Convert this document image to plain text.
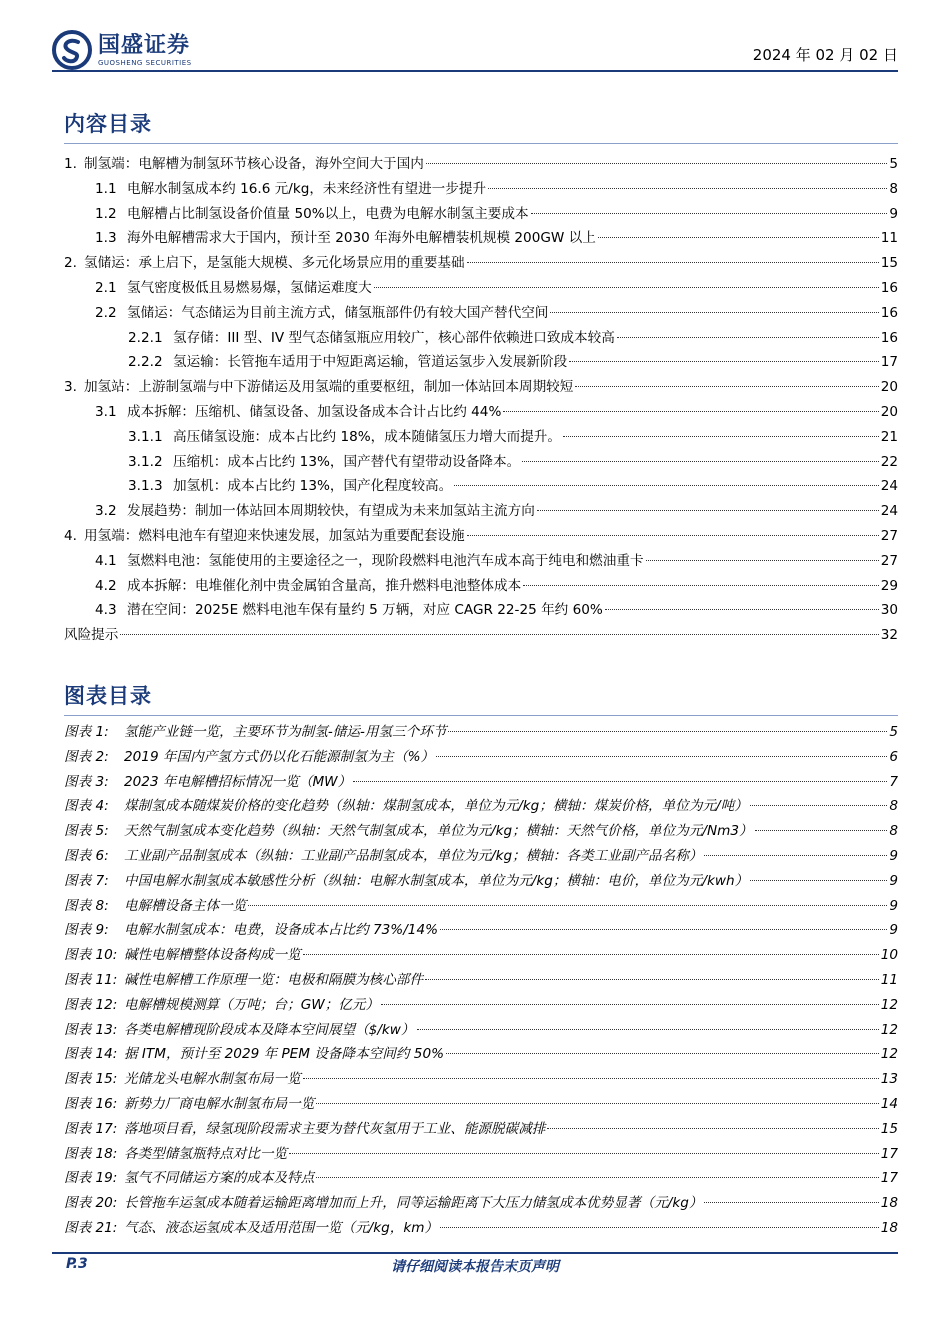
国盛证券
GUOSHENG SECURITIES	2024 年 02 月 02 日
内容目录
1. 制氢端：电解槽为制氢环节核心设备，海外空间大于国内	5
1.1 电解水制氢成本约 16.6 元/kg，未来经济性有望进一步提升	8
1.2 电解槽占比制氢设备价值量 50%以上，电费为电解水制氢主要成本	9
1.3 海外电解槽需求大于国内，预计至 2030 年海外电解槽装机规模 200GW 以上	11
2. 氢储运：承上启下，是氢能大规模、多元化场景应用的重要基础	15
2.1 氢气密度极低且易燃易爆，氢储运难度大	16
2.2 氢储运：气态储运为目前主流方式，储氢瓶部件仍有较大国产替代空间	16
2.2.1 氢存储：III 型、IV 型气态储氢瓶应用较广，核心部件依赖进口致成本较高	16
2.2.2 氢运输：长管拖车适用于中短距离运输，管道运氢步入发展新阶段	17
3. 加氢站：上游制氢端与中下游储运及用氢端的重要枢纽，制加一体站回本周期较短	20
3.1 成本拆解：压缩机、储氢设备、加氢设备成本合计占比约 44%	20
3.1.1 高压储氢设施：成本占比约 18%，成本随储氢压力增大而提升。	21
3.1.2 压缩机：成本占比约 13%，国产替代有望带动设备降本。	22
3.1.3 加氢机：成本占比约 13%，国产化程度较高。	24
3.2 发展趋势：制加一体站回本周期较快，有望成为未来加氢站主流方向	24
4. 用氢端：燃料电池车有望迎来快速发展，加氢站为重要配套设施	27
4.1 氢燃料电池：氢能使用的主要途径之一，现阶段燃料电池汽车成本高于纯电和燃油重卡	27
4.2 成本拆解：电堆催化剂中贵金属铂含量高，推升燃料电池整体成本	29
4.3 潜在空间：2025E 燃料电池车保有量约 5 万辆，对应 CAGR 22-25 年约 60%	30
风险提示	32
图表目录
图表 1:	氢能产业链一览，主要环节为制氢-储运-用氢三个环节	5
图表 2:	2019 年国内产氢方式仍以化石能源制氢为主（%）	6
图表 3:	2023 年电解槽招标情况一览（MW）	7
图表 4:	煤制氢成本随煤炭价格的变化趋势（纵轴：煤制氢成本，单位为元/kg；横轴：煤炭价格，单位为元/吨）	8
图表 5:	天然气制氢成本变化趋势（纵轴：天然气制氢成本，单位为元/kg；横轴：天然气价格，单位为元/Nm3）	8
图表 6:	工业副产品制氢成本（纵轴：工业副产品制氢成本，单位为元/kg；横轴：各类工业副产品名称）	9
图表 7:	中国电解水制氢成本敏感性分析（纵轴：电解水制氢成本，单位为元/kg；横轴：电价，单位为元/kwh）	9
图表 8:	电解槽设备主体一览	9
图表 9:	电解水制氢成本：电费，设备成本占比约 73%/14%	9
图表 10: 碱性电解槽整体设备构成一览	10
图表 11: 碱性电解槽工作原理一览：电极和隔膜为核心部件	11
图表 12: 电解槽规模测算（万吨；台；GW；亿元）	12
图表 13: 各类电解槽现阶段成本及降本空间展望（$/kw）	12
图表 14: 据 ITM，预计至 2029 年 PEM 设备降本空间约 50%	12
图表 15: 光储龙头电解水制氢布局一览	13
图表 16: 新势力厂商电解水制氢布局一览	14
图表 17: 落地项目看，绿氢现阶段需求主要为替代灰氢用于工业、能源脱碳减排	15
图表 18: 各类型储氢瓶特点对比一览	17
图表 19: 氢气不同储运方案的成本及特点	17
图表 20: 长管拖车运氢成本随着运输距离增加而上升，同等运输距离下大压力储氢成本优势显著（元/kg）	18
图表 21: 气态、液态运氢成本及适用范围一览（元/kg，km）	18
P.3	请仔细阅读本报告末页声明
